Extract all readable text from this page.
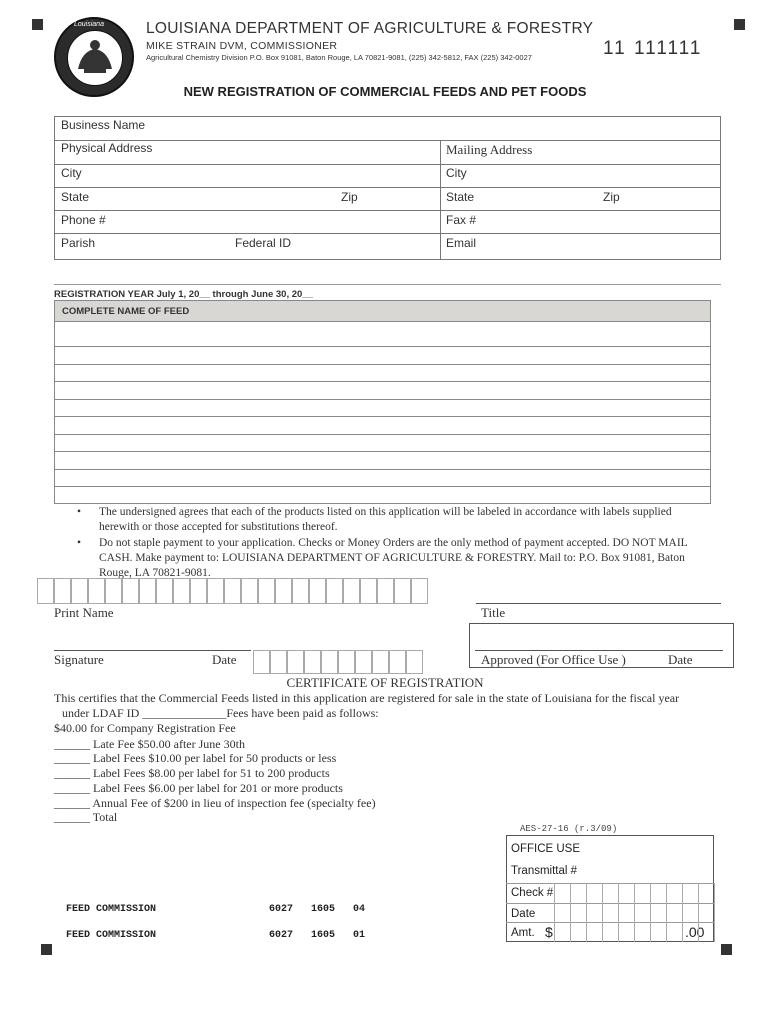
Louisiana	LOUISIANA DEPARTMENT OF AGRICULTURE & FORESTRY
MIKE STRAIN DVM, COMMISSIONER
Agricultural Chemistry Division P.O. Box 91081, Baton Rouge, LA 70821-9081, (225) 342-5812, FAX (225) 342-0027	11 111111
NEW REGISTRATION OF COMMERCIAL FEEDS AND PET FOODS
Business Name
Physical Address	Mailing Address
City	City
State	Zip	State	Zip
Phone #	Fax #
Parish	Federal ID	Email
REGISTRATION YEAR July 1, 20__ through June 30, 20__
COMPLETE NAME OF FEED
• The undersigned agrees that each of the products listed on this application will be labeled in accordance with labels supplied herewith or those accepted for substitutions thereof.
• Do not staple payment to your application. Checks or Money Orders are the only method of payment accepted. DO NOT MAIL CASH. Make payment to: LOUISIANA DEPARTMENT OF AGRICULTURE & FORESTRY. Mail to: P.O. Box 91081, Baton Rouge, LA 70821-9081.
Print Name	Title
Approved (For Office Use )	Date
Signature	Date
CERTIFICATE OF REGISTRATION
This certifies that the Commercial Feeds listed in this application are registered for sale in the state of Louisiana for the fiscal year
under LDAF ID ______________Fees have been paid as follows:
$40.00 for Company Registration Fee
______ Late Fee $50.00 after June 30th
______ Label Fees $10.00 per label for 50 products or less
______ Label Fees $8.00 per label for 51 to 200 products
______ Label Fees $6.00 per label for 201 or more products
______ Annual Fee of $200 in lieu of inspection fee (specialty fee)
______ Total
AES-27-16 (r.3/09)
OFFICE USE
Transmittal #
Check #
Date
Amt. $	.00
FEED COMMISSION	6027   1605   04
FEED COMMISSION	6027   1605   01
